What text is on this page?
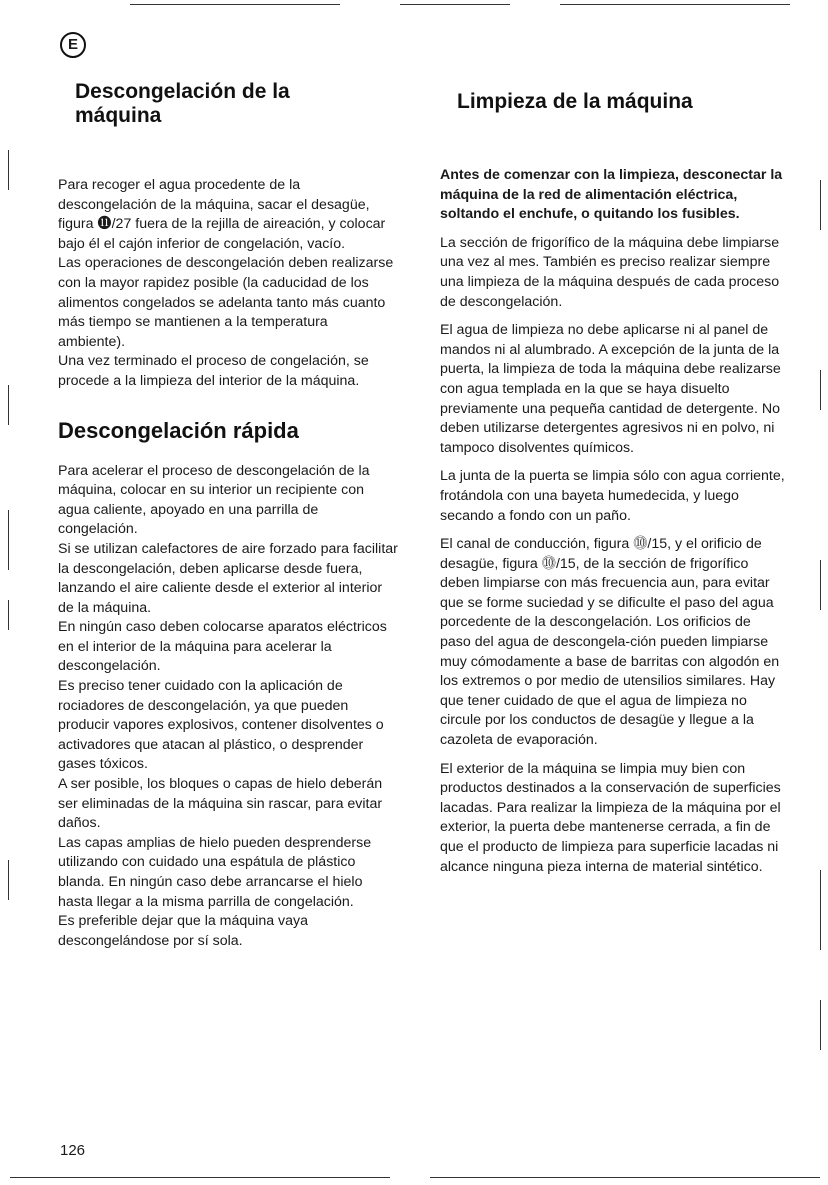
E
Descongelación de la
máquina

Para recoger el agua procedente de la descongelación de la máquina, sacar el desagüe, figura ⓫/27 fuera de la rejilla de aireación, y colocar bajo él el cajón inferior de congelación, vacío.

Las operaciones de descongelación deben realizarse con la mayor rapidez posible (la caducidad de los alimentos congelados se adelanta tanto más cuanto más tiempo se mantienen a la temperatura ambiente).

Una vez terminado el proceso de congelación, se procede a la limpieza del interior de la máquina.

Descongelación rápida

Para acelerar el proceso de descongelación de la máquina, colocar en su interior un recipiente con agua caliente, apoyado en una parrilla de congelación.

Si se utilizan calefactores de aire forzado para facilitar la descongelación, deben aplicarse desde fuera, lanzando el aire caliente desde el exterior al interior de la máquina.

En ningún caso deben colocarse aparatos eléctricos en el interior de la máquina para acelerar la descongelación.

Es preciso tener cuidado con la aplicación de rociadores de descongelación, ya que pueden producir vapores explosivos, contener disolventes o activadores que atacan al plástico, o desprender gases tóxicos.

A ser posible, los bloques o capas de hielo deberán ser eliminadas de la máquina sin rascar, para evitar daños.

Las capas amplias de hielo pueden desprenderse utilizando con cuidado una espátula de plástico blanda. En ningún caso debe arrancarse el hielo hasta llegar a la misma parrilla de congelación.

Es preferible dejar que la máquina vaya descongelándose por sí sola.

Limpieza de la máquina

Antes de comenzar con la limpieza, desconectar la máquina de la red de alimentación eléctrica, soltando el enchufe, o quitando los fusibles.

La sección de frigorífico de la máquina debe limpiarse una vez al mes. También es preciso realizar siempre una limpieza de la máquina después de cada proceso de descongelación.

El agua de limpieza no debe aplicarse ni al panel de mandos ni al alumbrado. A excepción de la junta de la puerta, la limpieza de toda la máquina debe realizarse con agua templada en la que se haya disuelto previamente una pequeña cantidad de detergente. No deben utilizarse detergentes agresivos ni en polvo, ni tampoco disolventes químicos.

La junta de la puerta se limpia sólo con agua corriente, frotándola con una bayeta humedecida, y luego secando a fondo con un paño.

El canal de conducción, figura ⓾/15, y el orificio de desagüe, figura ⓾/15, de la sección de frigorífico deben limpiarse con más frecuencia aun, para evitar que se forme suciedad y se dificulte el paso del agua porcedente de la descongelación. Los orificios de paso del agua de descongela-ción pueden limpiarse muy cómodamente a base de barritas con algodón en los extremos o por medio de utensilios similares. Hay que tener cuidado de que el agua de limpieza no circule por los conductos de desagüe y llegue a la cazoleta de evaporación.

El exterior de la máquina se limpia muy bien con productos destinados a la conservación de superficies lacadas. Para realizar la limpieza de la máquina por el exterior, la puerta debe mantenerse cerrada, a fin de que el producto de limpieza para superficie lacadas ni alcance ninguna pieza interna de material sintético.

126
